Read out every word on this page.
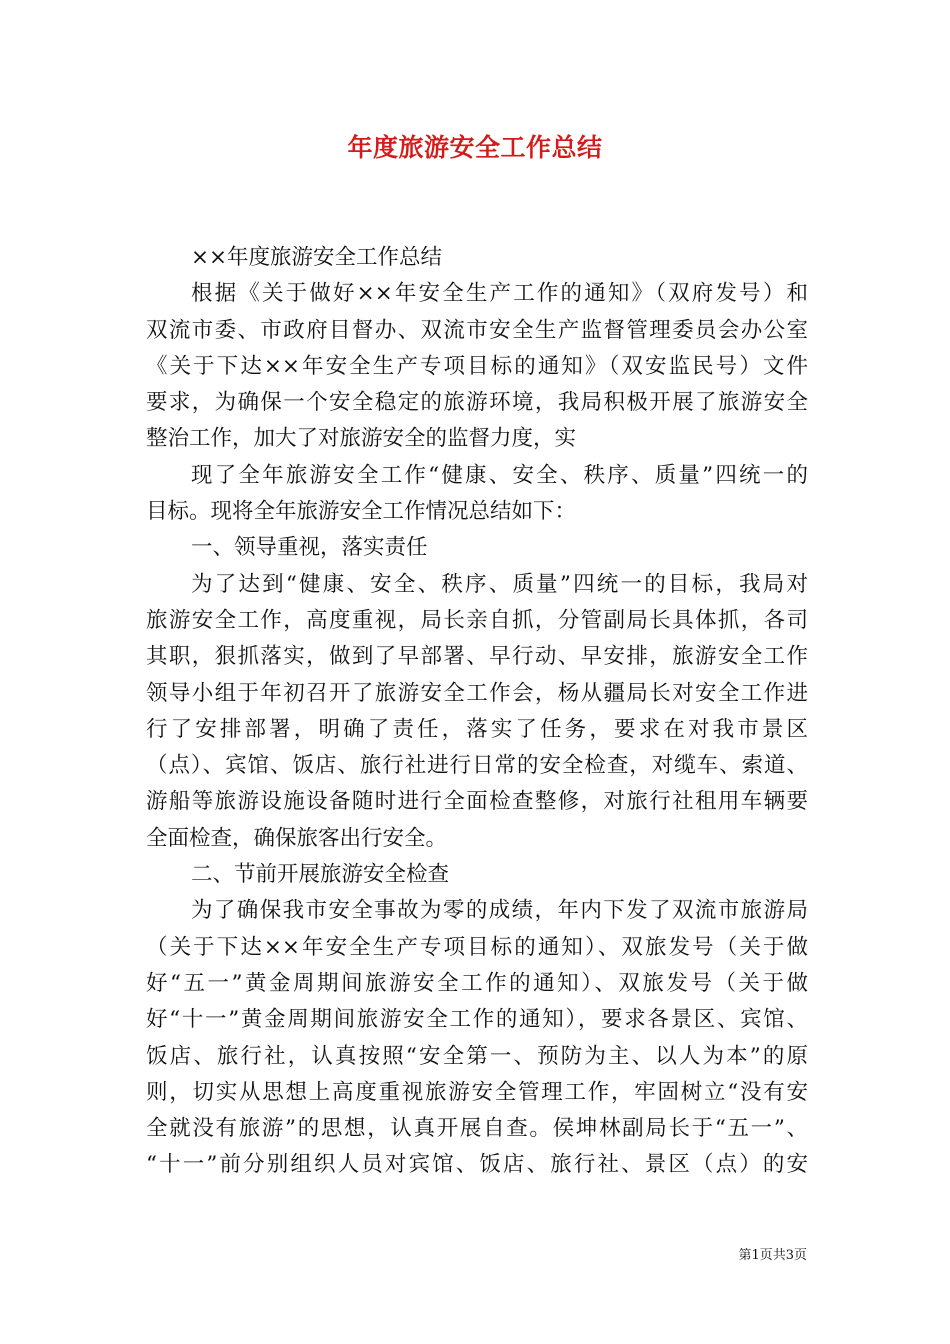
年度旅游安全工作总结
××年度旅游安全工作总结
根据《关于做好××年安全生产工作的通知》（双府发号）和
双流市委、市政府目督办、双流市安全生产监督管理委员会办公室
《关于下达××年安全生产专项目标的通知》（双安监民号）文件
要求，为确保一个安全稳定的旅游环境，我局积极开展了旅游安全
整治工作，加大了对旅游安全的监督力度，实
现了全年旅游安全工作“健康、安全、秩序、质量”四统一的
目标。现将全年旅游安全工作情况总结如下：
一、领导重视，落实责任
为了达到“健康、安全、秩序、质量”四统一的目标，我局对
旅游安全工作，高度重视，局长亲自抓，分管副局长具体抓，各司
其职，狠抓落实，做到了早部署、早行动、早安排，旅游安全工作
领导小组于年初召开了旅游安全工作会，杨从疆局长对安全工作进
行了安排部署，明确了责任，落实了任务，要求在对我市景区
（点）、宾馆、饭店、旅行社进行日常的安全检查，对缆车、索道、
游船等旅游设施设备随时进行全面检查整修，对旅行社租用车辆要
全面检查，确保旅客出行安全。
二、节前开展旅游安全检查
为了确保我市安全事故为零的成绩，年内下发了双流市旅游局
（关于下达××年安全生产专项目标的通知）、双旅发号（关于做
好“五一”黄金周期间旅游安全工作的通知）、双旅发号（关于做
好“十一”黄金周期间旅游安全工作的通知），要求各景区、宾馆、
饭店、旅行社，认真按照“安全第一、预防为主、以人为本”的原
则，切实从思想上高度重视旅游安全管理工作，牢固树立“没有安
全就没有旅游”的思想，认真开展自查。侯坤林副局长于“五一”、
“十一”前分别组织人员对宾馆、饭店、旅行社、景区（点）的安
第1页共3页
